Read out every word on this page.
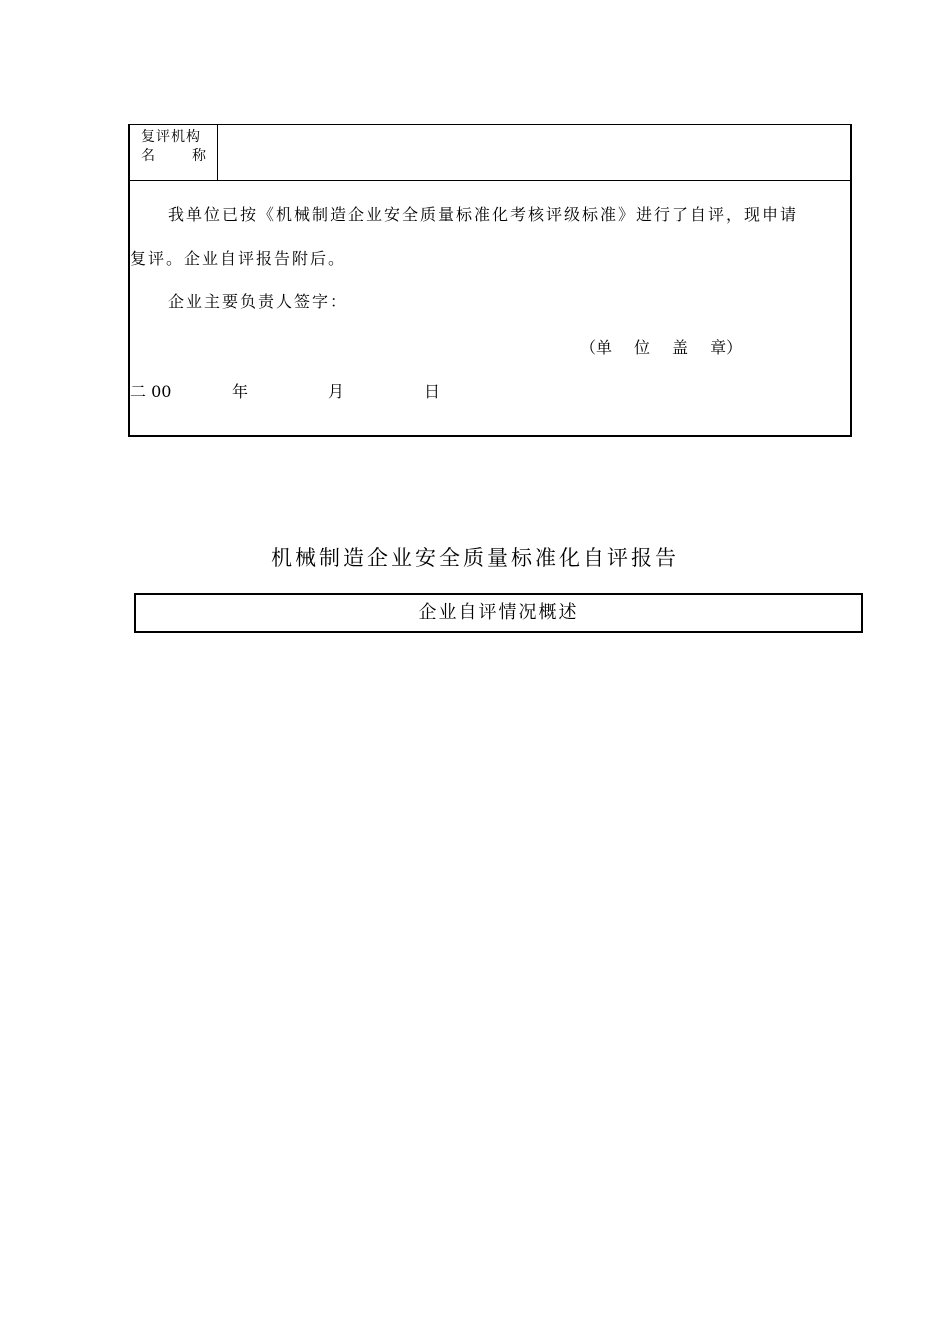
复评机构
名	称
我单位已按《机械制造企业安全质量标准化考核评级标准》进行了自评，现申请
复评。企业自评报告附后。
企业主要负责人签字：
（单 位 盖 章）
二 00	年	月	日
机械制造企业安全质量标准化自评报告
企业自评情况概述
